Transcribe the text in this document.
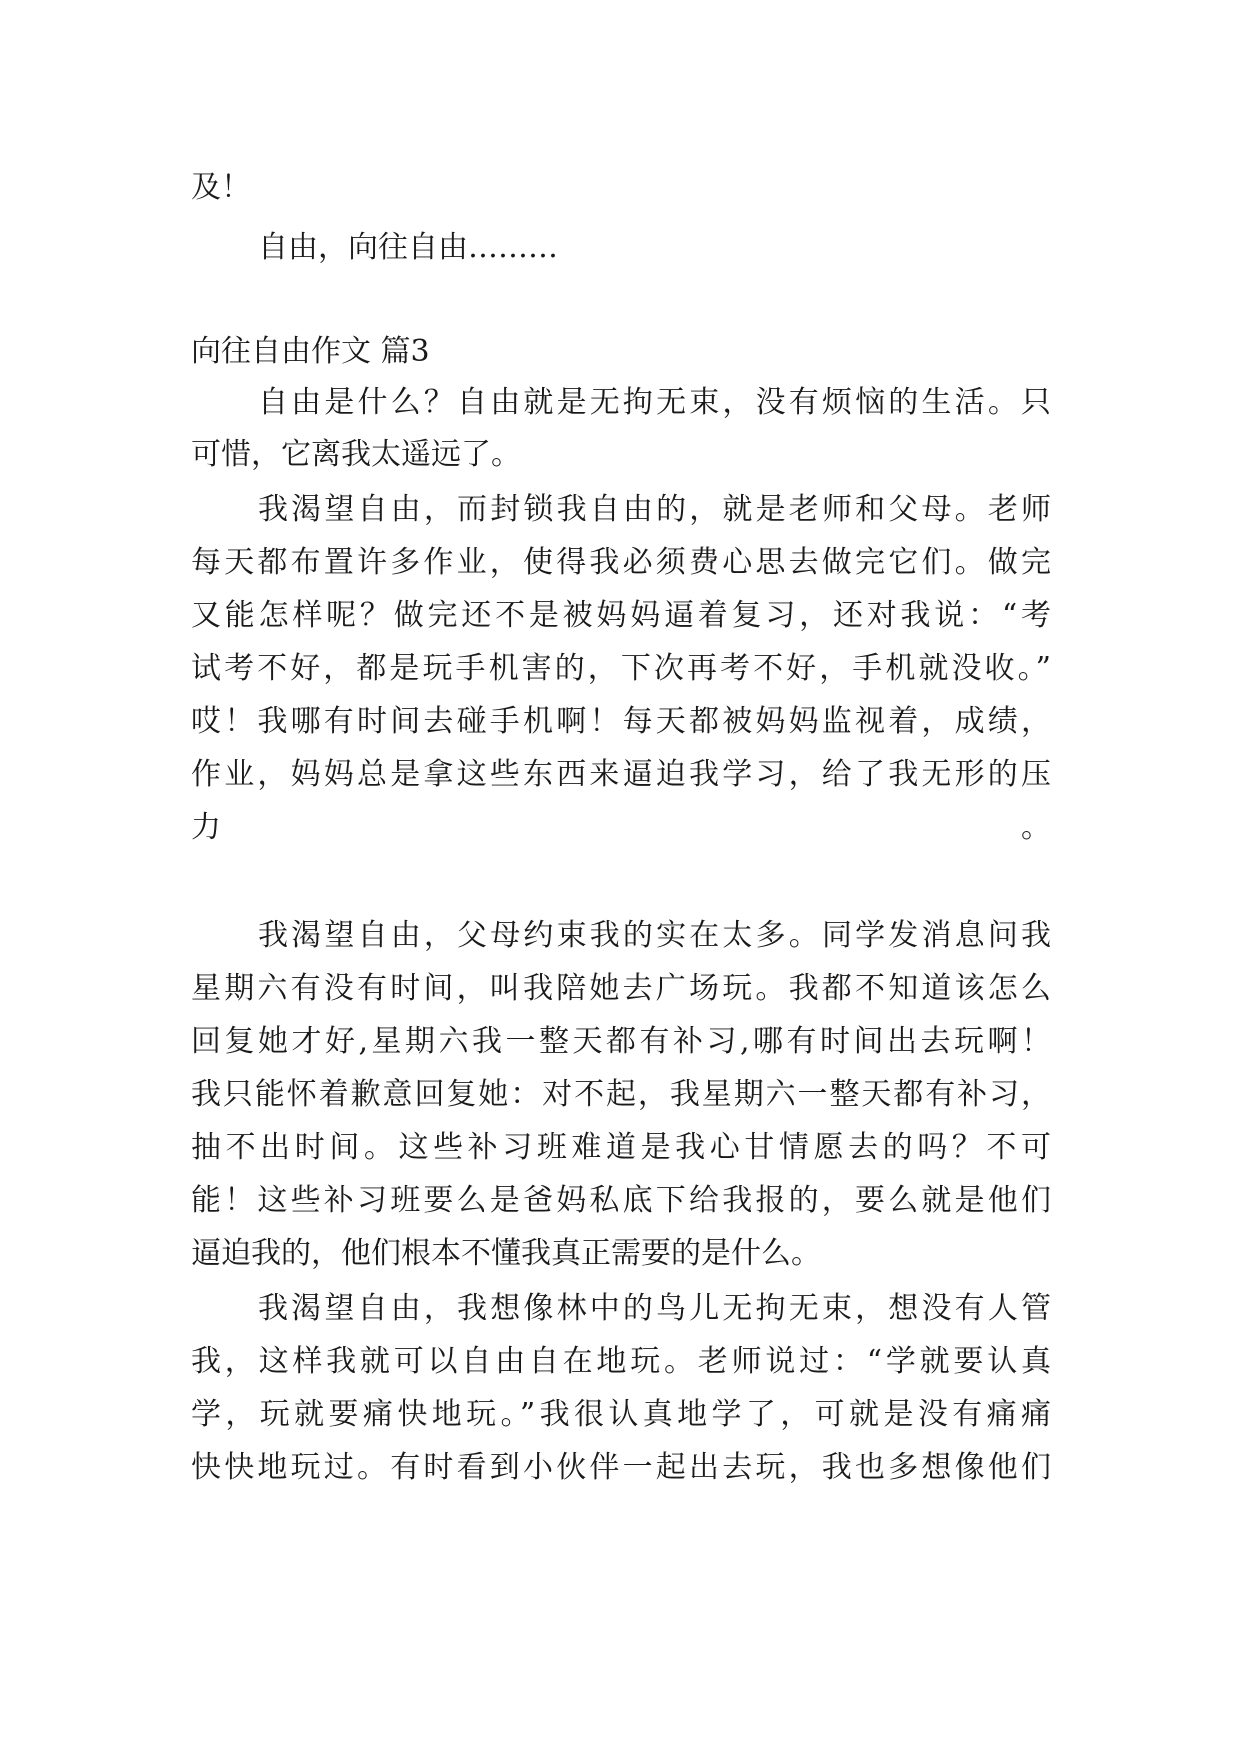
及！
自由，向往自由………
向往自由作文 篇3
自由是什么？自由就是无拘无束，没有烦恼的生活。只
可惜，它离我太遥远了。
我渴望自由，而封锁我自由的，就是老师和父母。老师
每天都布置许多作业，使得我必须费心思去做完它们。做完
又能怎样呢？做完还不是被妈妈逼着复习，还对我说：“考
试考不好，都是玩手机害的，下次再考不好，手机就没收。”
哎！我哪有时间去碰手机啊！每天都被妈妈监视着，成绩，
作业，妈妈总是拿这些东西来逼迫我学习，给了我无形的压
力。
我渴望自由，父母约束我的实在太多。同学发消息问我
星期六有没有时间，叫我陪她去广场玩。我都不知道该怎么
回复她才好,星期六我一整天都有补习,哪有时间出去玩啊！
我只能怀着歉意回复她：对不起，我星期六一整天都有补习，
抽不出时间。这些补习班难道是我心甘情愿去的吗？不可
能！这些补习班要么是爸妈私底下给我报的，要么就是他们
逼迫我的，他们根本不懂我真正需要的是什么。
我渴望自由，我想像林中的鸟儿无拘无束，想没有人管
我，这样我就可以自由自在地玩。老师说过：“学就要认真
学，玩就要痛快地玩。”我很认真地学了，可就是没有痛痛
快快地玩过。有时看到小伙伴一起出去玩，我也多想像他们
